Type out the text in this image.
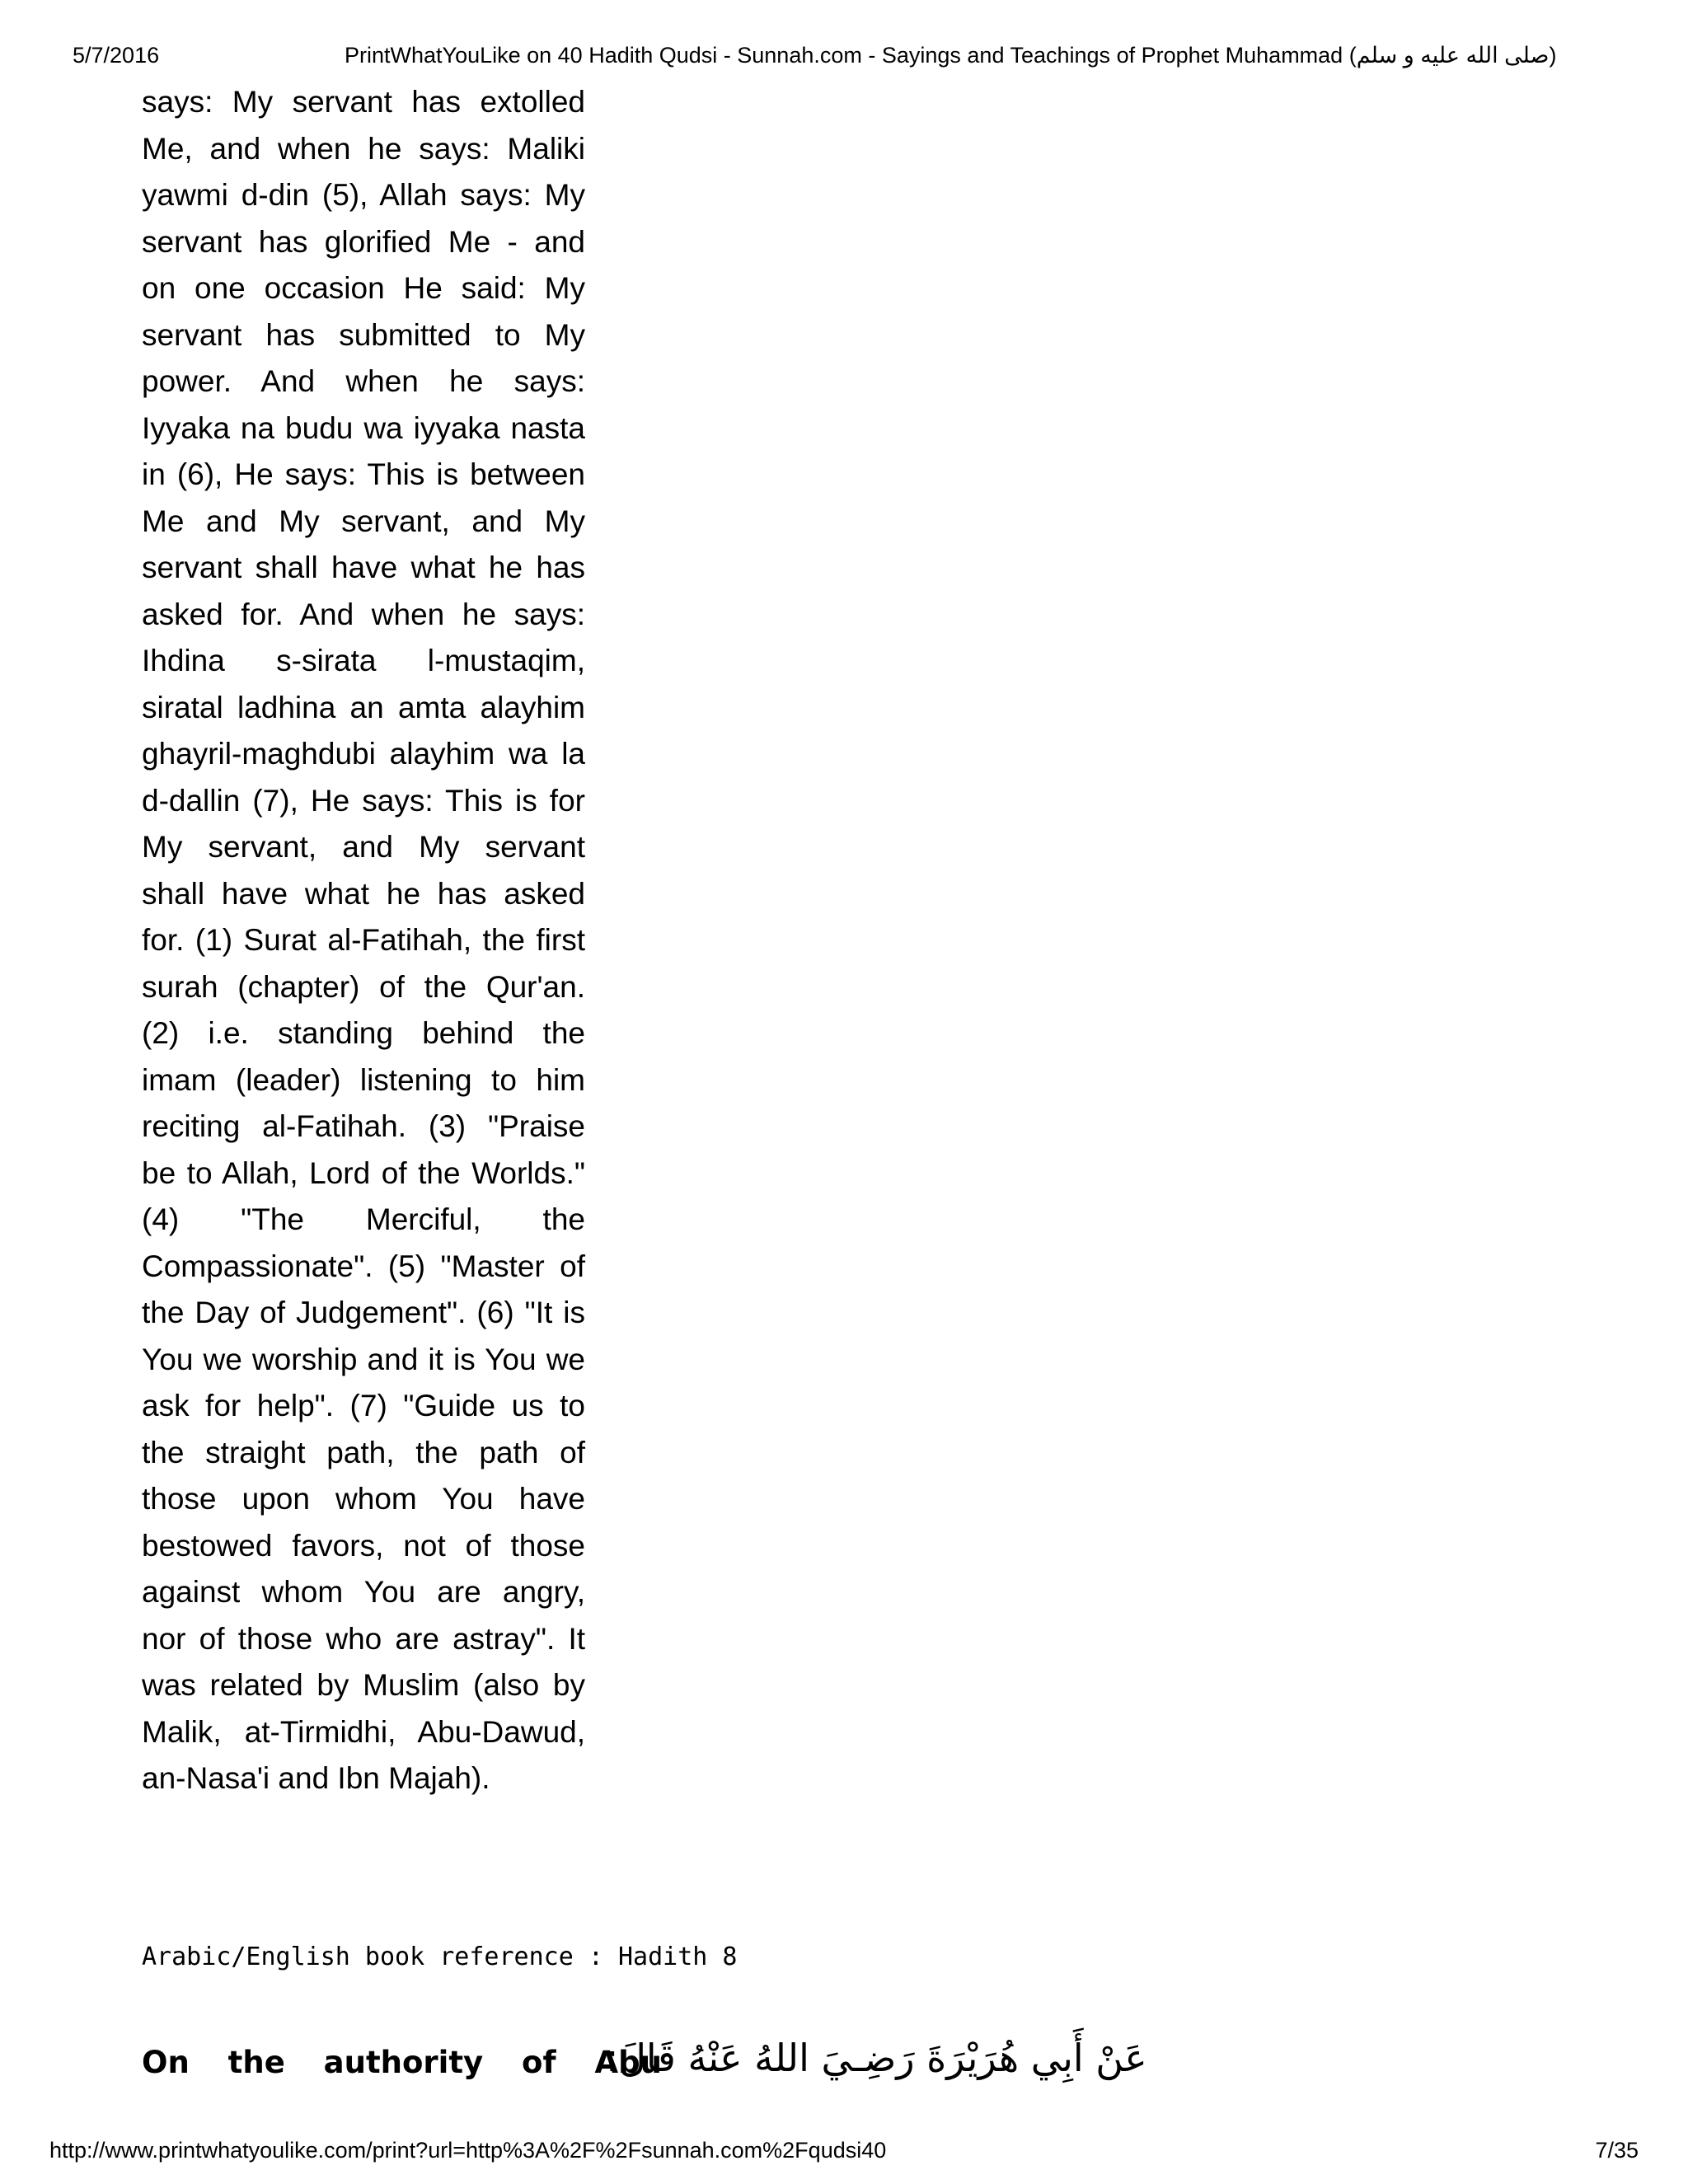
5/7/2016	PrintWhatYouLike on 40 Hadith Qudsi - Sunnah.com - Sayings and Teachings of Prophet Muhammad (صلى الله عليه و سلم)
says: My servant has extolled Me, and when he says: Maliki yawmi d-din (5), Allah says: My servant has glorified Me - and on one occasion He said: My servant has submitted to My power. And when he says: Iyyaka na budu wa iyyaka nasta in (6), He says: This is between Me and My servant, and My servant shall have what he has asked for. And when he says: Ihdina s-sirata l-mustaqim, siratal ladhina an amta alayhim ghayril-maghdubi alayhim wa la d-dallin (7), He says: This is for My servant, and My servant shall have what he has asked for. (1) Surat al-Fatihah, the first surah (chapter) of the Qur'an. (2) i.e. standing behind the imam (leader) listening to him reciting al-Fatihah. (3) "Praise be to Allah, Lord of the Worlds." (4) "The Merciful, the Compassionate". (5) "Master of the Day of Judgement". (6) "It is You we worship and it is You we ask for help". (7) "Guide us to the straight path, the path of those upon whom You have bestowed favors, not of those against whom You are angry, nor of those who are astray". It was related by Muslim (also by Malik, at-Tirmidhi, Abu-Dawud, an-Nasa'i and Ibn Majah).
Arabic/English book reference : Hadith 8
On the authority of Abu
عَنْ أَبِي هُرَيْرَةَ رَضِـيَ اللهُ عَنْهُ قَالَ:
http://www.printwhatyoulike.com/print?url=http%3A%2F%2Fsunnah.com%2Fqudsi40	7/35
